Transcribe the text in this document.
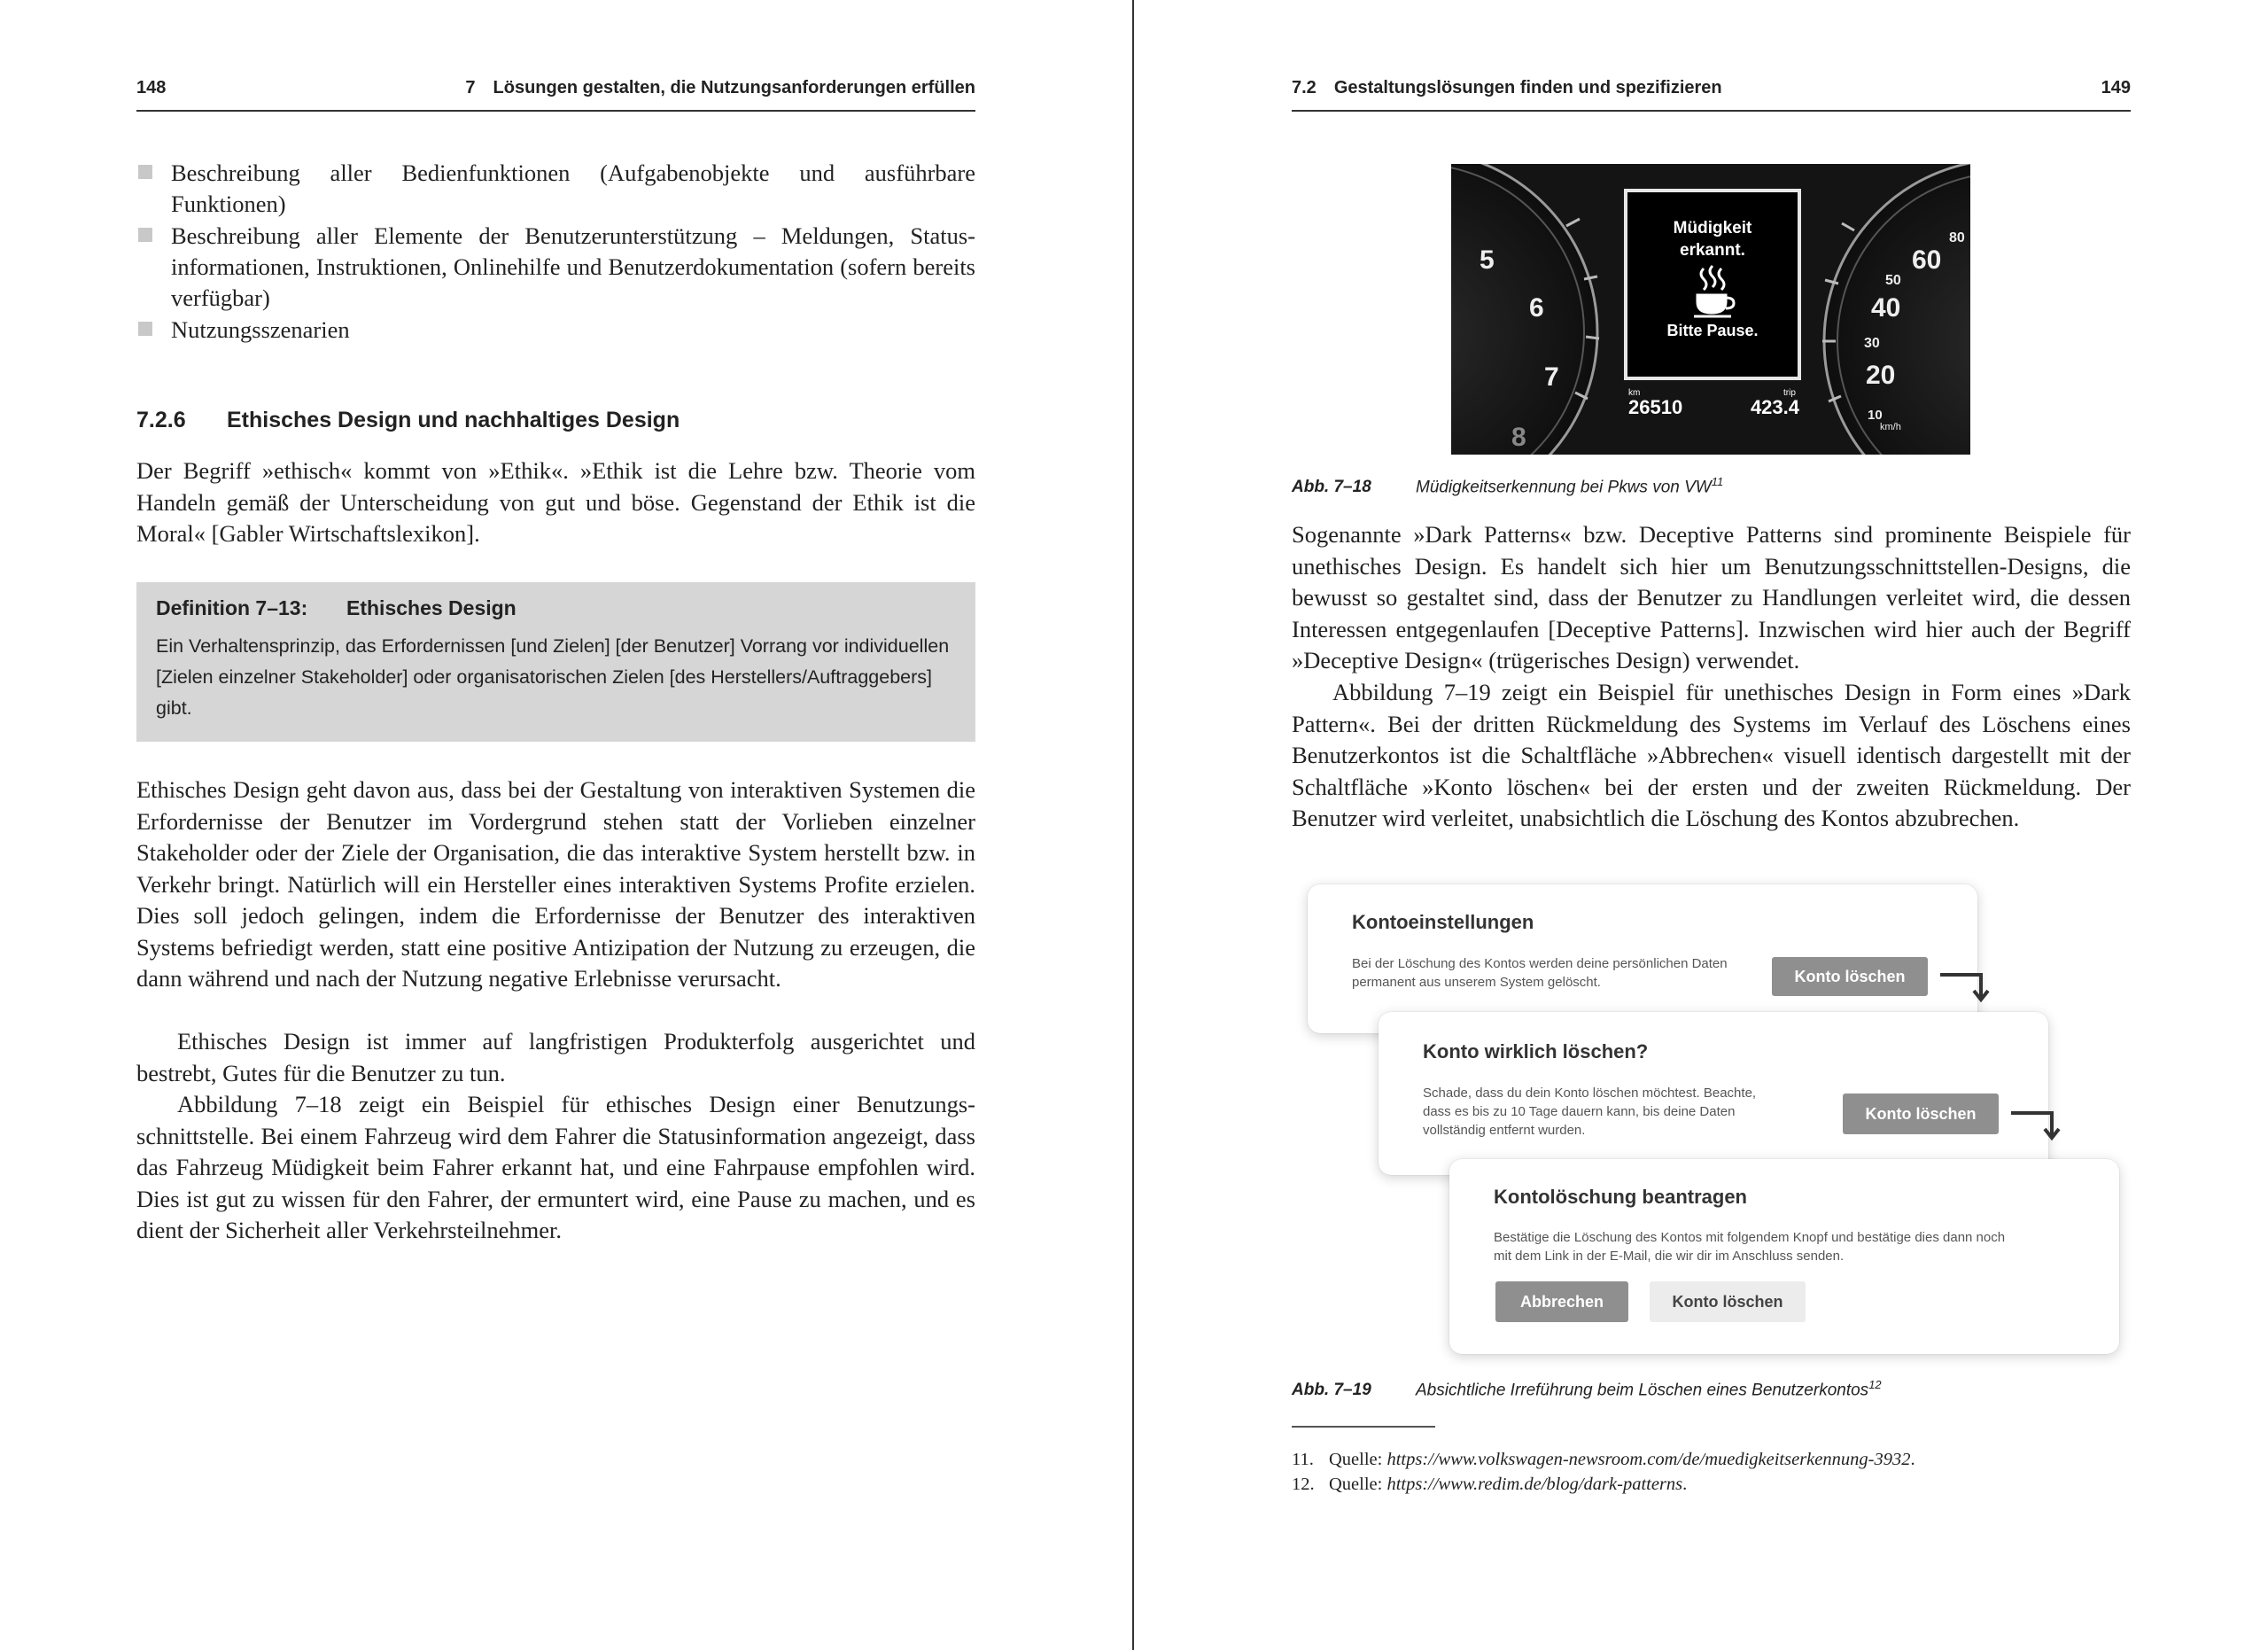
148	7 Lösungen gestalten, die Nutzungsanforderungen erfüllen
Beschreibung aller Bedienfunktionen (Aufgabenobjekte und ausführbare Funktionen)
Beschreibung aller Elemente der Benutzerunterstützung – Meldungen, Statusinformationen, Instruktionen, Onlinehilfe und Benutzerdokumentation (sofern bereits verfügbar)
Nutzungsszenarien
7.2.6 Ethisches Design und nachhaltiges Design

Der Begriff »ethisch« kommt von »Ethik«. »Ethik ist die Lehre bzw. Theorie vom Handeln gemäß der Unterscheidung von gut und böse. Gegenstand der Ethik ist die Moral« [Gabler Wirtschaftslexikon].

Definition 7–13: Ethisches Design
Ein Verhaltensprinzip, das Erfordernissen [und Zielen] [der Benutzer] Vorrang vor individuellen [Zielen einzelner Stakeholder] oder organisatorischen Zielen [des Herstellers/Auftraggebers] gibt.

Ethisches Design geht davon aus, dass bei der Gestaltung von interaktiven Systemen die Erfordernisse der Benutzer im Vordergrund stehen statt der Vorlieben einzelner Stakeholder oder der Ziele der Organisation, die das interaktive System herstellt bzw. in Verkehr bringt. Natürlich will ein Hersteller eines interaktiven Systems Profite erzielen. Dies soll jedoch gelingen, indem die Erfordernisse der Benutzer des interaktiven Systems befriedigt werden, statt eine positive Antizipation der Nutzung zu erzeugen, die dann während und nach der Nutzung negative Erlebnisse verursacht.

Ethisches Design ist immer auf langfristigen Produkterfolg ausgerichtet und bestrebt, Gutes für die Benutzer zu tun.

Abbildung 7–18 zeigt ein Beispiel für ethisches Design einer Benutzungsschnittstelle. Bei einem Fahrzeug wird dem Fahrer die Statusinformation angezeigt, dass das Fahrzeug Müdigkeit beim Fahrer erkannt hat, und eine Fahrpause empfohlen wird. Dies ist gut zu wissen für den Fahrer, der ermuntert wird, eine Pause zu machen, und es dient der Sicherheit aller Verkehrsteilnehmer.

7.2 Gestaltungslösungen finden und spezifizieren	149
5
6
7
8
80
60
50
40
30
20
10
km/h
Müdigkeit
erkannt.
Bitte Pause.
km
26510
trip
423.4
Abb. 7–18	Müdigkeitserkennung bei Pkws von VW$^{11}$

Sogenannte »Dark Patterns« bzw. Deceptive Patterns sind prominente Beispiele für unethisches Design. Es handelt sich hier um Benutzungsschnittstellen-Designs, die bewusst so gestaltet sind, dass der Benutzer zu Handlungen verleitet wird, die dessen Interessen entgegenlaufen [Deceptive Patterns]. Inzwischen wird hier auch der Begriff »Deceptive Design« (trügerisches Design) verwendet.

Abbildung 7–19 zeigt ein Beispiel für unethisches Design in Form eines »Dark Pattern«. Bei der dritten Rückmeldung des Systems im Verlauf des Löschens eines Benutzerkontos ist die Schaltfläche »Abbrechen« visuell identisch dargestellt mit der Schaltfläche »Konto löschen« bei der ersten und der zweiten Rückmeldung. Der Benutzer wird verleitet, unabsichtlich die Löschung des Kontos abzubrechen.

Kontoeinstellungen
Bei der Löschung des Kontos werden deine persönlichen Daten permanent aus unserem System gelöscht.	Konto löschen
Konto wirklich löschen?
Schade, dass du dein Konto löschen möchtest. Beachte, dass es bis zu 10 Tage dauern kann, bis deine Daten vollständig entfernt wurden.
Konto löschen
Kontolöschung beantragen
Bestätige die Löschung des Kontos mit folgendem Knopf und bestätige dies dann noch mit dem Link in der E-Mail, die wir dir im Anschluss senden.
Abbrechen	Konto löschen
Abb. 7–19	Absichtliche Irreführung beim Löschen eines Benutzerkontos$^{12}$
11. Quelle: https://www.volkswagen-newsroom.com/de/muedigkeitserkennung-3932.
12. Quelle: https://www.redim.de/blog/dark-patterns.
